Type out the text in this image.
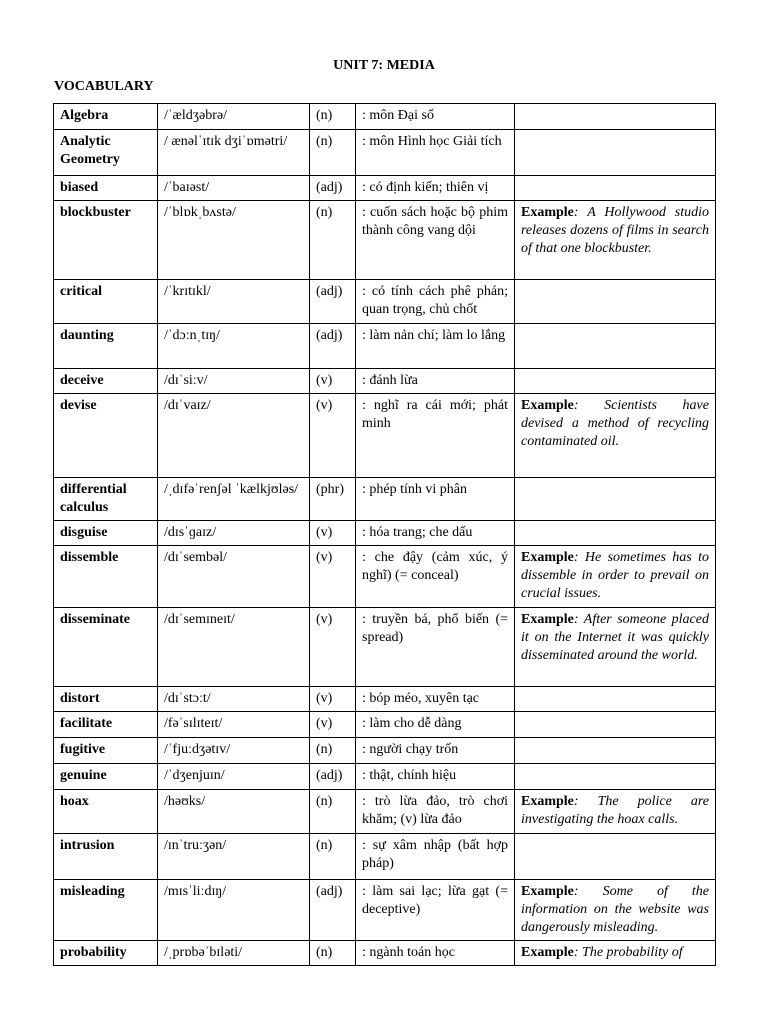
UNIT 7: MEDIA
VOCABULARY
Algebra	/ˈældʒəbrə/	(n)	: môn Đại số	
Analytic Geometry	/ ænəlˈɪtɪk dʒiˈɒmətri/	(n)	: môn Hình học Giải tích	
biased	/ˈbaɪəst/	(adj)	: có định kiến; thiên vị	
blockbuster	/ˈblɒkˌbʌstə/	(n)	: cuốn sách hoặc bộ phim thành công vang dội	Example: A Hollywood studio releases dozens of films in search of that one blockbuster.
critical	/ˈkrɪtɪkl/	(adj)	: có tính cách phê phán; quan trọng, chủ chốt	
daunting	/ˈdɔːnˌtɪŋ/	(adj)	: làm nản chí; làm lo lắng	
deceive	/dɪˈsiːv/	(v)	: đánh lừa	
devise	/dɪˈvaɪz/	(v)	: nghĩ ra cái mới; phát minh	Example: Scientists have devised a method of recycling contaminated oil.
differential calculus	/ˌdɪfəˈrenʃəl ˈkælkjʊləs/	(phr)	: phép tính vi phân	
disguise	/dɪsˈɡaɪz/	(v)	: hóa trang; che dấu	
dissemble	/dɪˈsembəl/	(v)	: che đậy (cảm xúc, ý nghĩ) (= conceal)	Example: He sometimes has to dissemble in order to prevail on crucial issues.
disseminate	/dɪˈsemɪneɪt/	(v)	: truyền bá, phổ biến (= spread)	Example: After someone placed it on the Internet it was quickly disseminated around the world.
distort	/dɪˈstɔːt/	(v)	: bóp méo, xuyên tạc	
facilitate	/fəˈsɪlɪteɪt/	(v)	: làm cho dễ dàng	
fugitive	/ˈfjuːdʒətɪv/	(n)	: người chạy trốn	
genuine	/ˈdʒenjuɪn/	(adj)	: thật, chính hiệu	
hoax	/həʊks/	(n)	: trò lừa đảo, trò chơi khăm; (v) lừa đảo	Example: The police are investigating the hoax calls.
intrusion	/ɪnˈtruːʒən/	(n)	: sự xâm nhập (bất hợp pháp)	
misleading	/mɪsˈliːdɪŋ/	(adj)	: làm sai lạc; lừa gạt (= deceptive)	Example: Some of the information on the website was dangerously misleading.
probability	/ˌprɒbəˈbɪləti/	(n)	: ngành toán học	Example: The probability of
